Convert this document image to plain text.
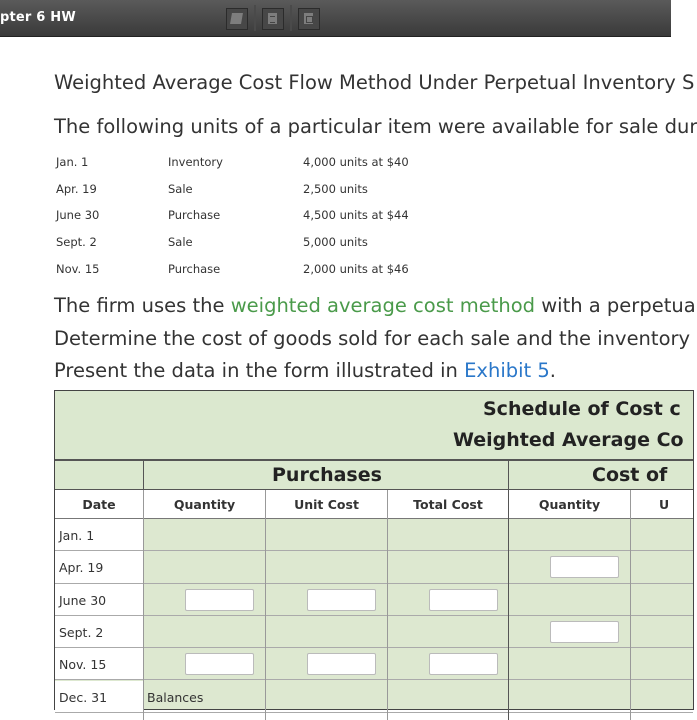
pter 6 HW
Weighted Average Cost Flow Method Under Perpetual Inventory S
The following units of a particular item were available for sale dur
Jan. 1	Inventory	4,000 units at $40
Apr. 19	Sale	2,500 units
June 30	Purchase	4,500 units at $44
Sept. 2	Sale	5,000 units
Nov. 15	Purchase	2,000 units at $46
The firm uses the weighted average cost method with a perpetua
Determine the cost of goods sold for each sale and the inventory
Present the data in the form illustrated in Exhibit 5.
Schedule of Cost c
Weighted Average Co
Purchases	Cost of
Date	Quantity	Unit Cost	Total Cost	Quantity	U
Jan. 1
Apr. 19
June 30
Sept. 2
Nov. 15
Dec. 31	Balances
